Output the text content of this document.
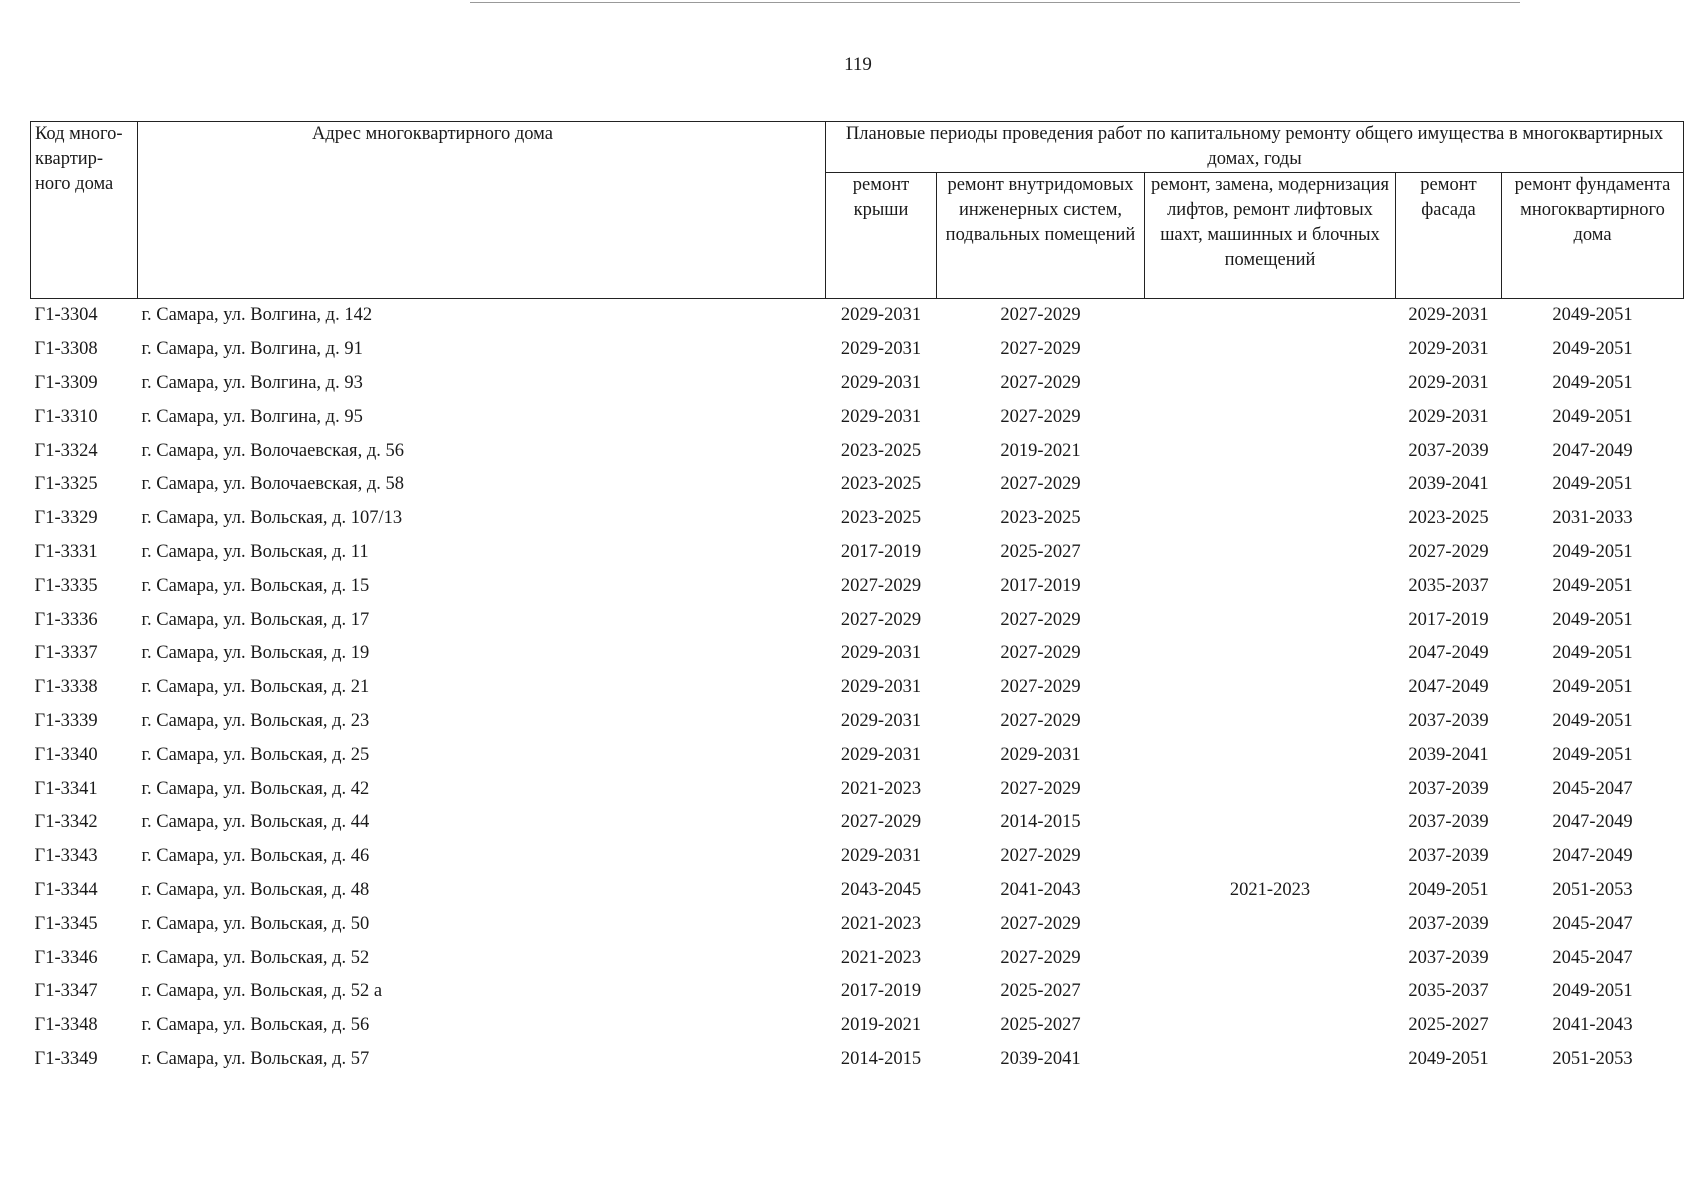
119
Код много-квартир-ного дома	Адрес многоквартирного дома	Плановые периоды проведения работ по капитальному ремонту общего имущества в многоквартирных домах, годы				
		ремонт крыши	ремонт внутридомовых инженерных систем, подвальных помещений	ремонт, замена, модернизация лифтов, ремонт лифтовых шахт, машинных и блочных помещений	ремонт фасада	ремонт фундамента многоквартирного дома
Г1-3304	г. Самара, ул. Волгина, д. 142	2029-2031	2027-2029		2029-2031	2049-2051
Г1-3308	г. Самара, ул. Волгина, д. 91	2029-2031	2027-2029		2029-2031	2049-2051
Г1-3309	г. Самара, ул. Волгина, д. 93	2029-2031	2027-2029		2029-2031	2049-2051
Г1-3310	г. Самара, ул. Волгина, д. 95	2029-2031	2027-2029		2029-2031	2049-2051
Г1-3324	г. Самара, ул. Волочаевская, д. 56	2023-2025	2019-2021		2037-2039	2047-2049
Г1-3325	г. Самара, ул. Волочаевская, д. 58	2023-2025	2027-2029		2039-2041	2049-2051
Г1-3329	г. Самара, ул. Вольская, д. 107/13	2023-2025	2023-2025		2023-2025	2031-2033
Г1-3331	г. Самара, ул. Вольская, д. 11	2017-2019	2025-2027		2027-2029	2049-2051
Г1-3335	г. Самара, ул. Вольская, д. 15	2027-2029	2017-2019		2035-2037	2049-2051
Г1-3336	г. Самара, ул. Вольская, д. 17	2027-2029	2027-2029		2017-2019	2049-2051
Г1-3337	г. Самара, ул. Вольская, д. 19	2029-2031	2027-2029		2047-2049	2049-2051
Г1-3338	г. Самара, ул. Вольская, д. 21	2029-2031	2027-2029		2047-2049	2049-2051
Г1-3339	г. Самара, ул. Вольская, д. 23	2029-2031	2027-2029		2037-2039	2049-2051
Г1-3340	г. Самара, ул. Вольская, д. 25	2029-2031	2029-2031		2039-2041	2049-2051
Г1-3341	г. Самара, ул. Вольская, д. 42	2021-2023	2027-2029		2037-2039	2045-2047
Г1-3342	г. Самара, ул. Вольская, д. 44	2027-2029	2014-2015		2037-2039	2047-2049
Г1-3343	г. Самара, ул. Вольская, д. 46	2029-2031	2027-2029		2037-2039	2047-2049
Г1-3344	г. Самара, ул. Вольская, д. 48	2043-2045	2041-2043	2021-2023	2049-2051	2051-2053
Г1-3345	г. Самара, ул. Вольская, д. 50	2021-2023	2027-2029		2037-2039	2045-2047
Г1-3346	г. Самара, ул. Вольская, д. 52	2021-2023	2027-2029		2037-2039	2045-2047
Г1-3347	г. Самара, ул. Вольская, д. 52 а	2017-2019	2025-2027		2035-2037	2049-2051
Г1-3348	г. Самара, ул. Вольская, д. 56	2019-2021	2025-2027		2025-2027	2041-2043
Г1-3349	г. Самара, ул. Вольская, д. 57	2014-2015	2039-2041		2049-2051	2051-2053
